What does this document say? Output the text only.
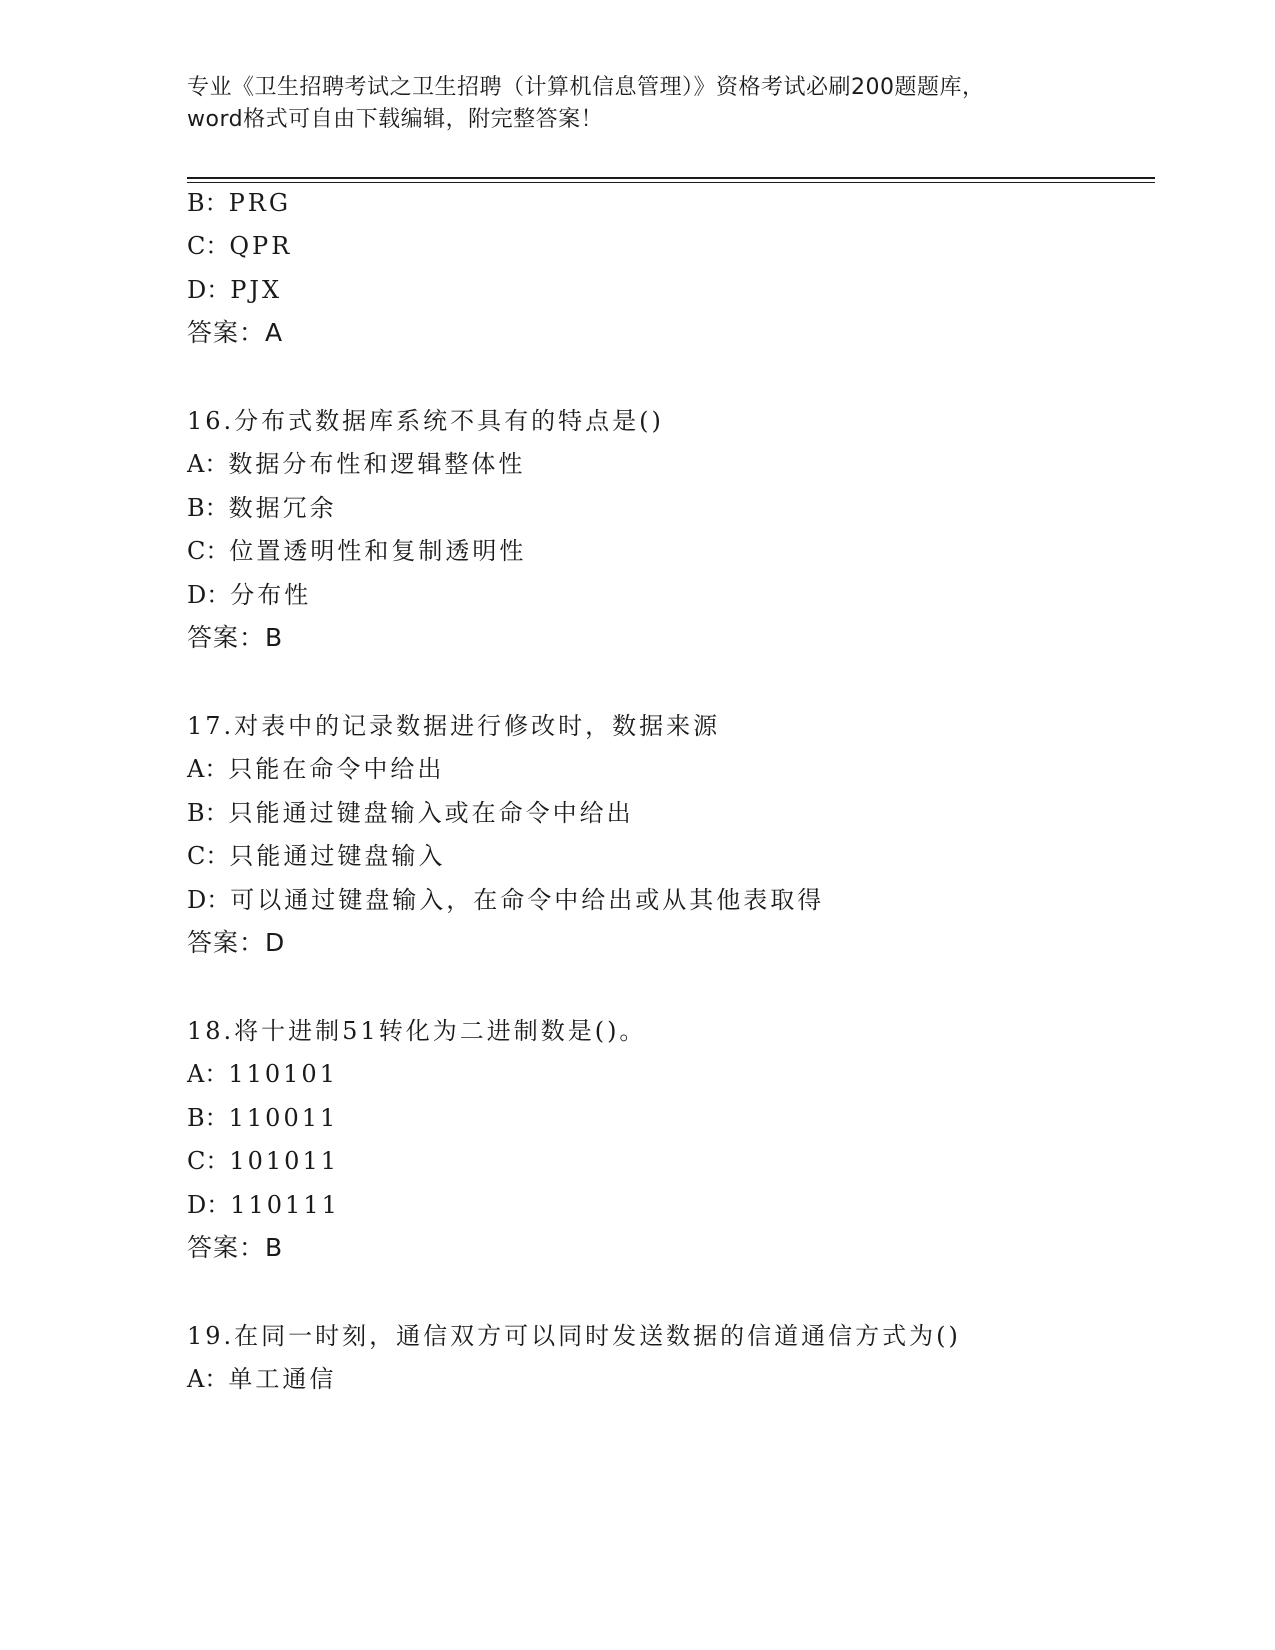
专业《卫生招聘考试之卫生招聘（计算机信息管理）》资格考试必刷200题题库，
word格式可自由下载编辑，附完整答案！
B：PRG
C：QPR
D：PJX
答案：A
16.分布式数据库系统不具有的特点是()
A：数据分布性和逻辑整体性
B：数据冗余
C：位置透明性和复制透明性
D：分布性
答案：B
17.对表中的记录数据进行修改时，数据来源
A：只能在命令中给出
B：只能通过键盘输入或在命令中给出
C：只能通过键盘输入
D：可以通过键盘输入，在命令中给出或从其他表取得
答案：D
18.将十进制51转化为二进制数是()。
A：110101
B：110011
C：101011
D：110111
答案：B
19.在同一时刻，通信双方可以同时发送数据的信道通信方式为()
A：单工通信
